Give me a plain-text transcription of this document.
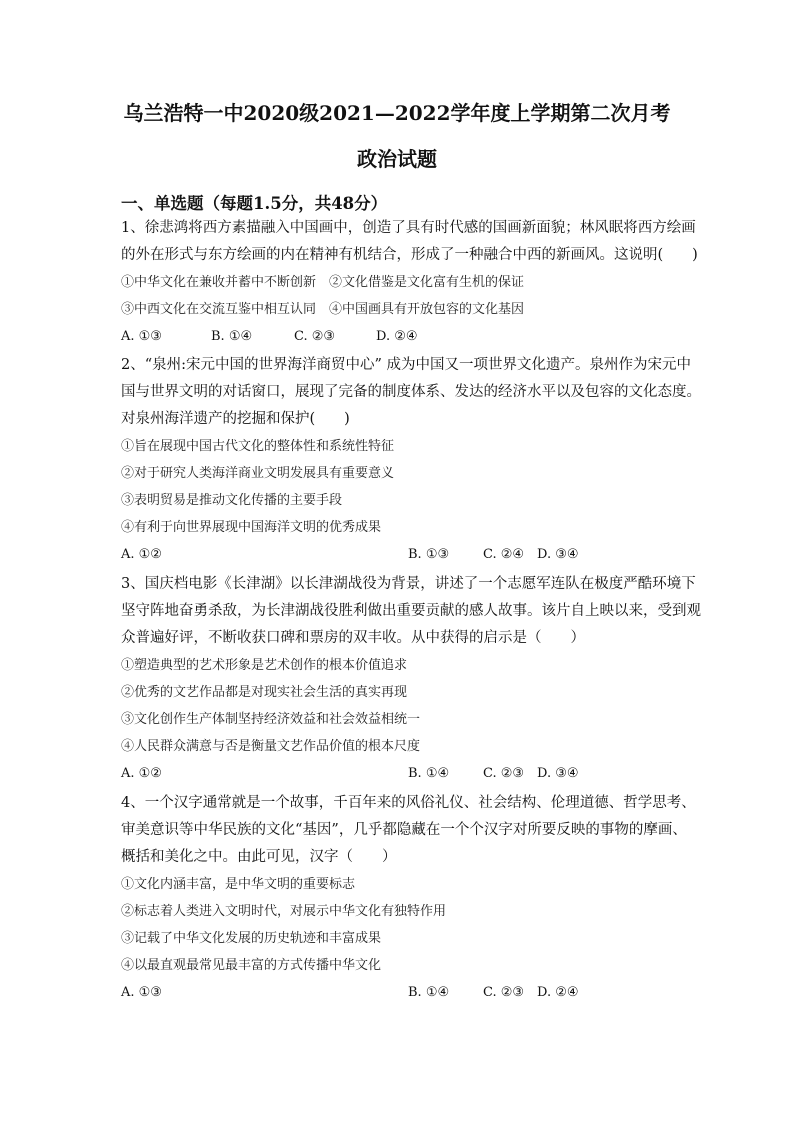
乌兰浩特一中2020级2021—2022学年度上学期第二次月考
政治试题
一、单选题（每题1.5分，共48分）
1、徐悲鸿将西方素描融入中国画中，创造了具有时代感的国画新面貌；林风眠将西方绘画
的外在形式与东方绘画的内在精神有机结合，形成了一种融合中西的新画风。这说明(　　)
①中华文化在兼收并蓄中不断创新　②文化借鉴是文化富有生机的保证
③中西文化在交流互鉴中相互认同　④中国画具有开放包容的文化基因
A. ①③	B. ①④	C. ②③	D. ②④
2、“泉州:宋元中国的世界海洋商贸中心” 成为中国又一项世界文化遗产。泉州作为宋元中
国与世界文明的对话窗口，展现了完备的制度体系、发达的经济水平以及包容的文化态度。
对泉州海洋遗产的挖掘和保护(　　)
①旨在展现中国古代文化的整体性和系统性特征
②对于研究人类海洋商业文明发展具有重要意义
③表明贸易是推动文化传播的主要手段
④有利于向世界展现中国海洋文明的优秀成果
A. ①②	B. ①③	C. ②④ D. ③④
3、国庆档电影《长津湖》以长津湖战役为背景，讲述了一个志愿军连队在极度严酷环境下
坚守阵地奋勇杀敌，为长津湖战役胜利做出重要贡献的感人故事。该片自上映以来，受到观
众普遍好评，不断收获口碑和票房的双丰收。从中获得的启示是（　　）
①塑造典型的艺术形象是艺术创作的根本价值追求
②优秀的文艺作品都是对现实社会生活的真实再现
③文化创作生产体制坚持经济效益和社会效益相统一
④人民群众满意与否是衡量文艺作品价值的根本尺度
A. ①②	B. ①④	C. ②③ D. ③④
4、一个汉字通常就是一个故事，千百年来的风俗礼仪、社会结构、伦理道德、哲学思考、
审美意识等中华民族的文化“基因”，几乎都隐藏在一个个汉字对所要反映的事物的摩画、
概括和美化之中。由此可见，汉字（　　）
①文化内涵丰富，是中华文明的重要标志
②标志着人类进入文明时代，对展示中华文化有独特作用
③记载了中华文化发展的历史轨迹和丰富成果
④以最直观最常见最丰富的方式传播中华文化
A. ①③	B. ①④	C. ②③ D. ②④
